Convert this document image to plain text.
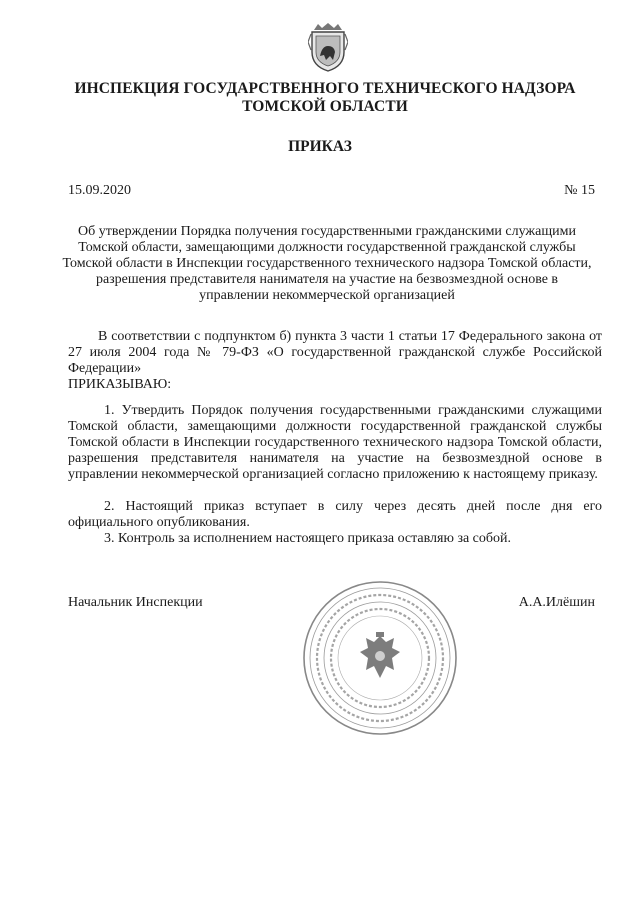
ИНСПЕКЦИЯ ГОСУДАРСТВЕННОГО ТЕХНИЧЕСКОГО НАДЗОРА
ТОМСКОЙ ОБЛАСТИ
ПРИКАЗ
15.09.2020	№ 15
Об утверждении Порядка получения государственными гражданскими служащими Томской области, замещающими должности государственной гражданской службы Томской области в Инспекции государственного технического надзора Томской области, разрешения представителя нанимателя на участие на безвозмездной основе в управлении некоммерческой организацией
В соответствии с подпунктом б) пункта 3 части 1 статьи 17 Федерального закона от 27 июля 2004 года № 79-ФЗ «О государственной гражданской службе Российской Федерации»
ПРИКАЗЫВАЮ:
1. Утвердить Порядок получения государственными гражданскими служащими Томской области, замещающими должности государственной гражданской службы Томской области в Инспекции государственного технического надзора Томской области, разрешения представителя нанимателя на участие на безвозмездной основе в управлении некоммерческой организацией согласно приложению к настоящему приказу.
2. Настоящий приказ вступает в силу через десять дней после дня его официального опубликования.
3. Контроль за исполнением настоящего приказа оставляю за собой.
Начальник Инспекции	А.А.Илёшин
